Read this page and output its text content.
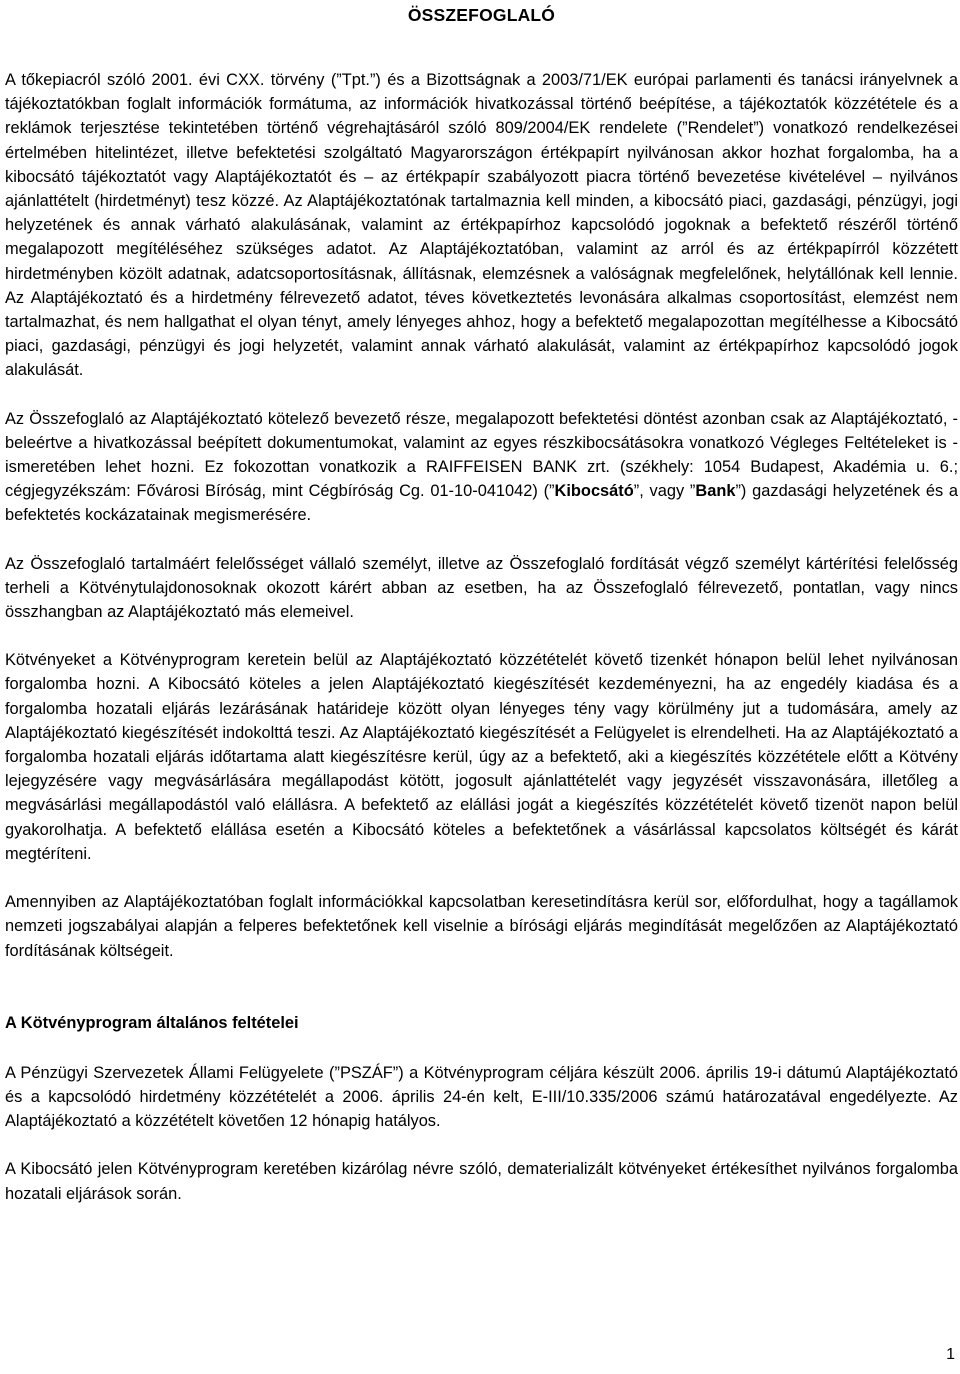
ÖSSZEFOGLALÓ

A tőkepiacról szóló 2001. évi CXX. törvény (”Tpt.”) és a Bizottságnak a 2003/71/EK európai parlamenti és tanácsi irányelvnek a tájékoztatókban foglalt információk formátuma, az információk hivatkozással történő beépítése, a tájékoztatók közzététele és a reklámok terjesztése tekintetében történő végrehajtásáról szóló 809/2004/EK rendelete (”Rendelet”) vonatkozó rendelkezései értelmében hitelintézet, illetve befektetési szolgáltató Magyarországon értékpapírt nyilvánosan akkor hozhat forgalomba, ha a kibocsátó tájékoztatót vagy Alaptájékoztatót és – az értékpapír szabályozott piacra történő bevezetése kivételével – nyilvános ajánlattételt (hirdetményt) tesz közzé. Az Alaptájékoztatónak tartalmaznia kell minden, a kibocsátó piaci, gazdasági, pénzügyi, jogi helyzetének és annak várható alakulásának, valamint az értékpapírhoz kapcsolódó jogoknak a befektető részéről történő megalapozott megítéléséhez szükséges adatot. Az Alaptájékoztatóban, valamint az arról és az értékpapírról közzétett hirdetményben közölt adatnak, adatcsoportosításnak, állításnak, elemzésnek a valóságnak megfelelőnek, helytállónak kell lennie. Az Alaptájékoztató és a hirdetmény félrevezető adatot, téves következtetés levonására alkalmas csoportosítást, elemzést nem tartalmazhat, és nem hallgathat el olyan tényt, amely lényeges ahhoz, hogy a befektető megalapozottan megítélhesse a Kibocsátó piaci, gazdasági, pénzügyi és jogi helyzetét, valamint annak várható alakulását, valamint az értékpapírhoz kapcsolódó jogok alakulását.

Az Összefoglaló az Alaptájékoztató kötelező bevezető része, megalapozott befektetési döntést azonban csak az Alaptájékoztató, - beleértve a hivatkozással beépített dokumentumokat, valamint az egyes részkibocsátásokra vonatkozó Végleges Feltételeket is - ismeretében lehet hozni. Ez fokozottan vonatkozik a RAIFFEISEN BANK zrt. (székhely: 1054 Budapest, Akadémia u. 6.; cégjegyzékszám: Fővárosi Bíróság, mint Cégbíróság Cg. 01-10-041042) (”Kibocsátó”, vagy ”Bank”) gazdasági helyzetének és a befektetés kockázatainak megismerésére.

Az Összefoglaló tartalmáért felelősséget vállaló személyt, illetve az Összefoglaló fordítását végző személyt kártérítési felelősség terheli a Kötvénytulajdonosoknak okozott kárért abban az esetben, ha az Összefoglaló félrevezető, pontatlan, vagy nincs összhangban az Alaptájékoztató más elemeivel.

Kötvényeket a Kötvényprogram keretein belül az Alaptájékoztató közzétételét követő tizenkét hónapon belül lehet nyilvánosan forgalomba hozni. A Kibocsátó köteles a jelen Alaptájékoztató kiegészítését kezdeményezni, ha az engedély kiadása és a forgalomba hozatali eljárás lezárásának határideje között olyan lényeges tény vagy körülmény jut a tudomására, amely az Alaptájékoztató kiegészítését indokolttá teszi. Az Alaptájékoztató kiegészítését a Felügyelet is elrendelheti. Ha az Alaptájékoztató a forgalomba hozatali eljárás időtartama alatt kiegészítésre kerül, úgy az a befektető, aki a kiegészítés közzététele előtt a Kötvény lejegyzésére vagy megvásárlására megállapodást kötött, jogosult ajánlattételét vagy jegyzését visszavonására, illetőleg a megvásárlási megállapodástól való elállásra. A befektető az elállási jogát a kiegészítés közzétételét követő tizenöt napon belül gyakorolhatja. A befektető elállása esetén a Kibocsátó köteles a befektetőnek a vásárlással kapcsolatos költségét és kárát megtéríteni.

Amennyiben az Alaptájékoztatóban foglalt információkkal kapcsolatban keresetindításra kerül sor, előfordulhat, hogy a tagállamok nemzeti jogszabályai alapján a felperes befektetőnek kell viselnie a bírósági eljárás megindítását megelőzően az Alaptájékoztató fordításának költségeit.

A Kötvényprogram általános feltételei

A Pénzügyi Szervezetek Állami Felügyelete (”PSZÁF”) a Kötvényprogram céljára készült 2006. április 19-i dátumú Alaptájékoztató és a kapcsolódó hirdetmény közzétételét a 2006. április 24-én kelt, E-III/10.335/2006 számú határozatával engedélyezte. Az Alaptájékoztató a közzétételt követően 12 hónapig hatályos.

A Kibocsátó jelen Kötvényprogram keretében kizárólag névre szóló, dematerializált kötvényeket értékesíthet nyilvános forgalomba hozatali eljárások során.

1
